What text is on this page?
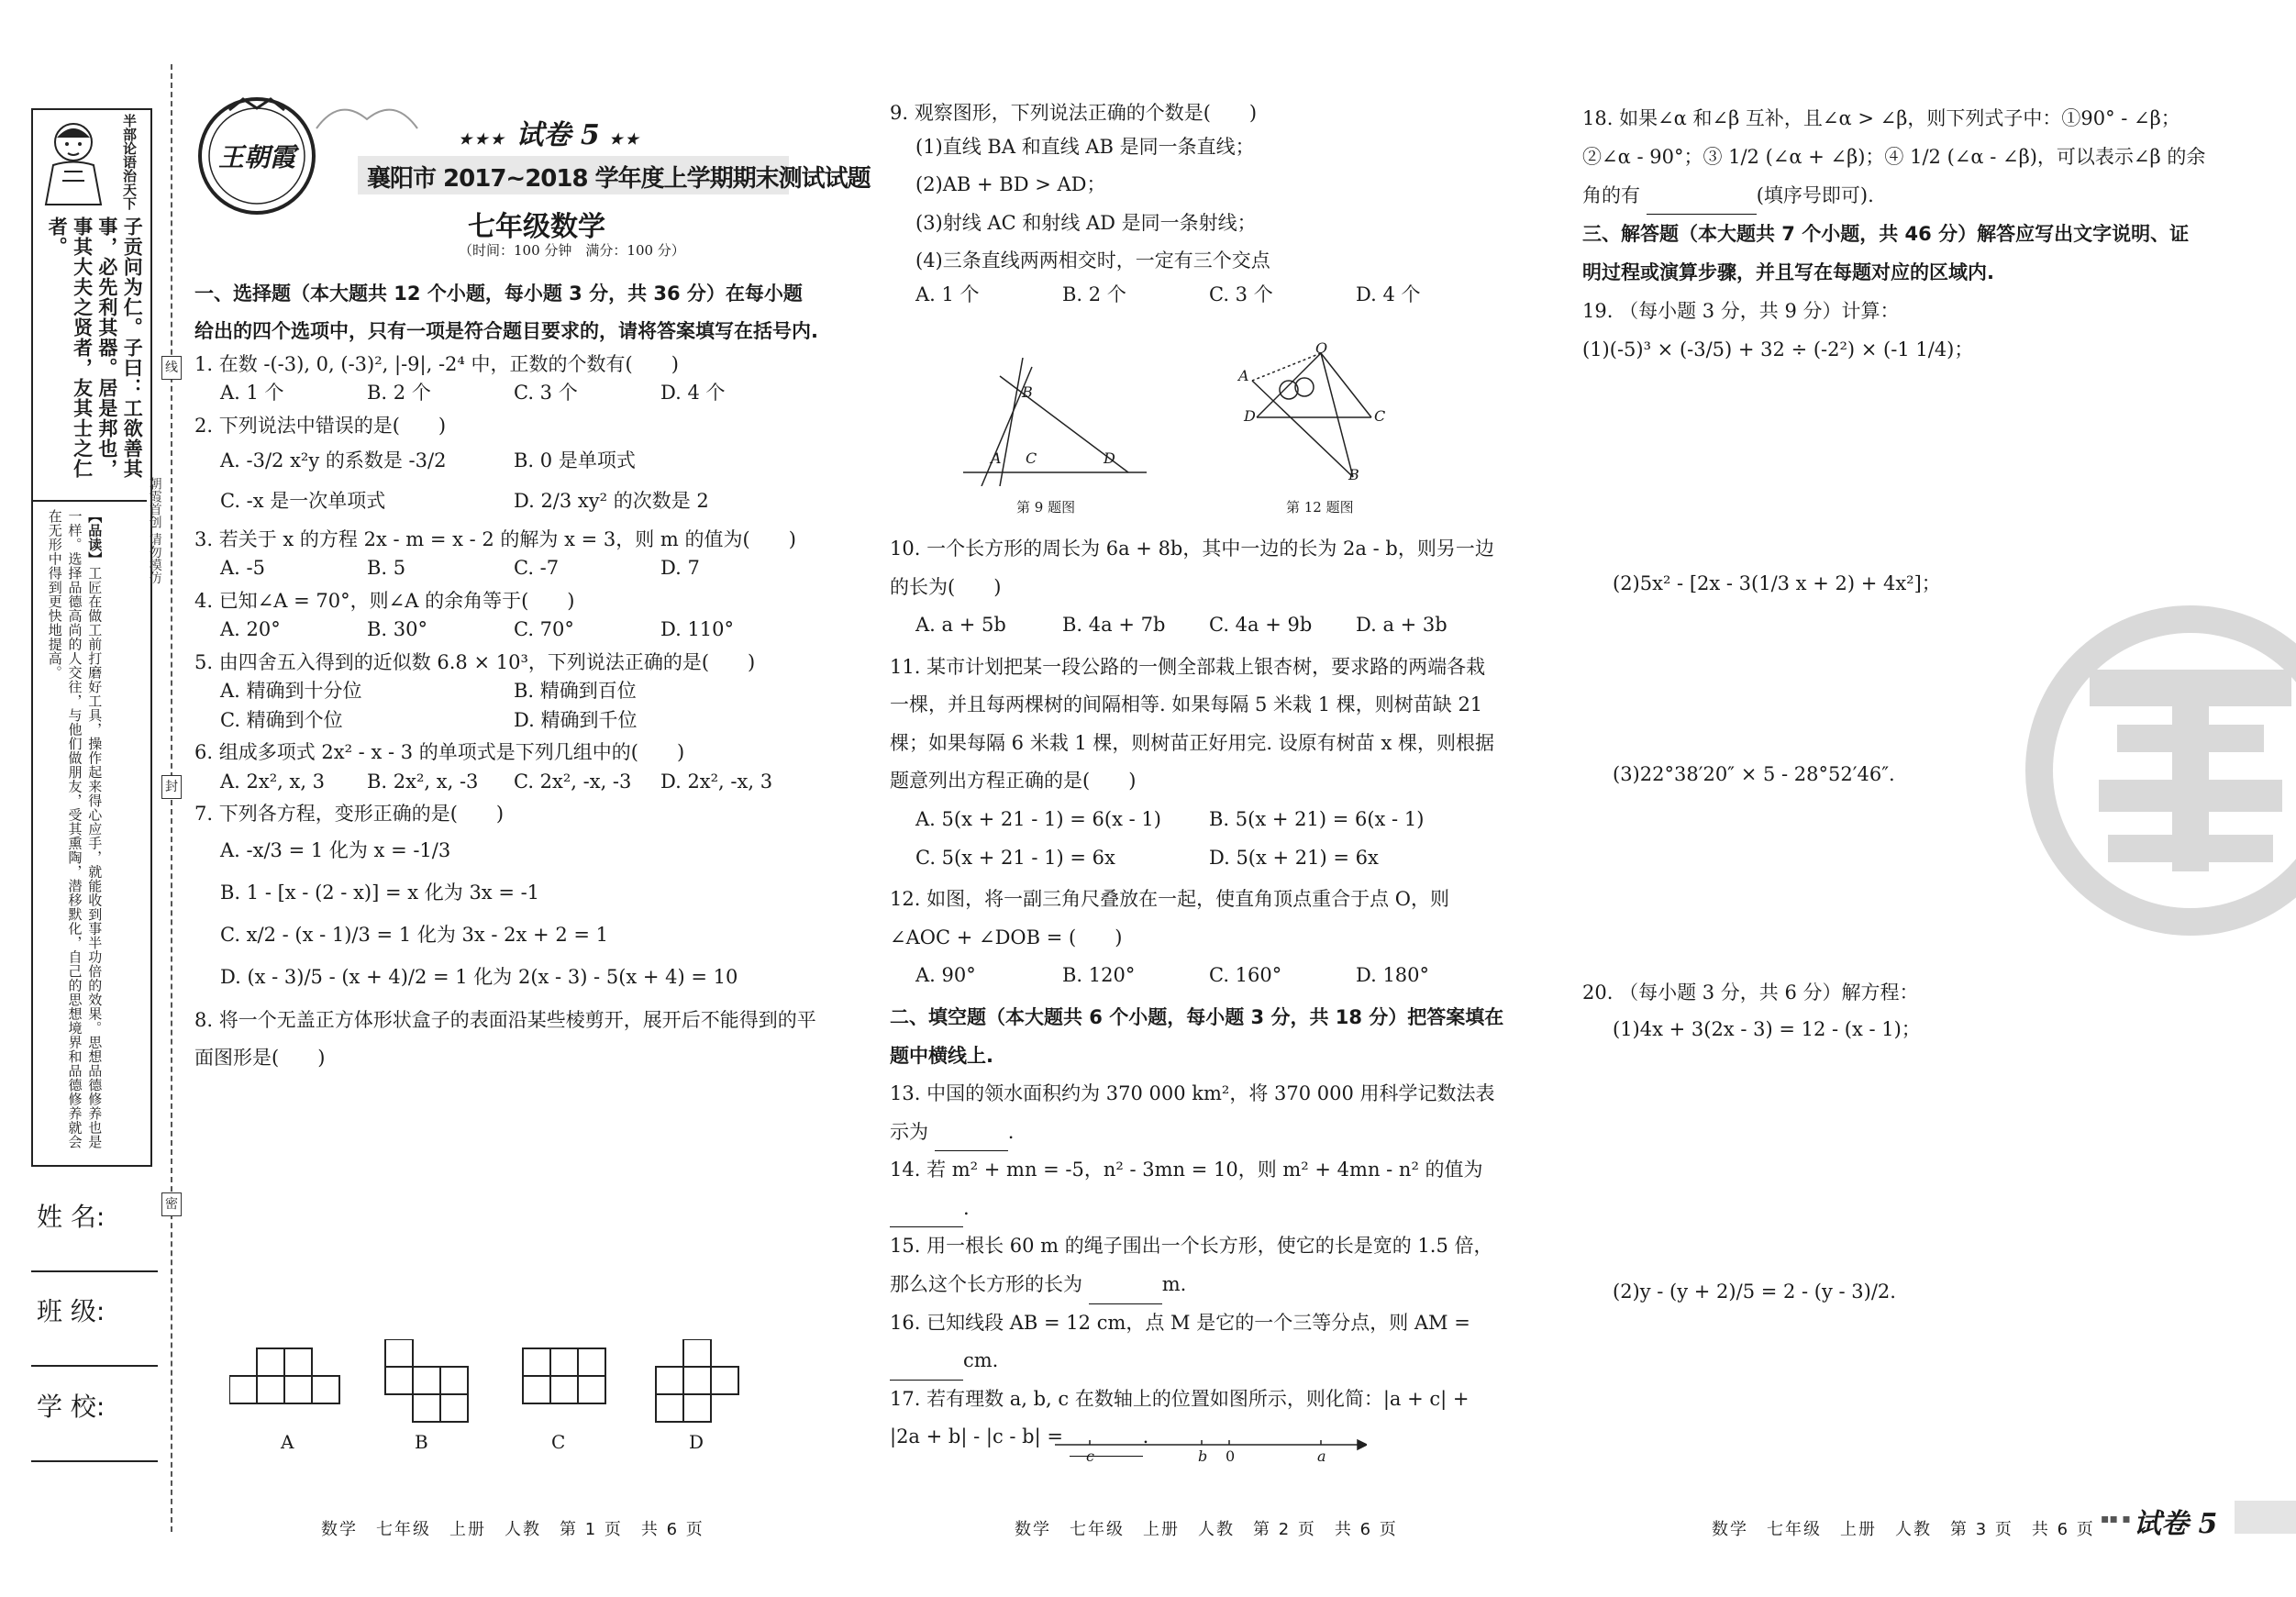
半部论语治天下
子贡问为仁。子曰：工欲善其事，必先利其器。居是邦也，事其大夫之贤者，友其士之仁者。
【品读】工匠在做工前打磨好工具，操作起来得心应手，就能收到事半功倍的效果。思想品德修养也是一样。选择品德高尚的人交往，与他们做朋友，受其熏陶，潜移默化，自己的思想境界和品德修养就会在无形中得到更快地提高。	朝霞首创 请勿模仿
线
封
密
姓 名:
班 级:
学 校:
王朝霞
★★★ 试卷 5 ★★
襄阳市 2017~2018 学年度上学期期末测试试题
七年级数学
（时间：100 分钟　满分：100 分）

一、选择题（本大题共 12 个小题，每小题 3 分，共 36 分）在每小题给出的四个选项中，只有一项是符合题目要求的，请将答案填写在括号内.

1. 在数 -(-3), 0, (-3)², |-9|, -2⁴ 中，正数的个数有(　　)

A. 1 个	B. 2 个	C. 3 个	D. 4 个

2. 下列说法中错误的是(　　)

A. -3/2 x²y 的系数是 -3/2	B. 0 是单项式
C. -x 是一次单项式	D. 2/3 xy² 的次数是 2

3. 若关于 x 的方程 2x - m = x - 2 的解为 x = 3，则 m 的值为(　　)

A. -5	B. 5	C. -7	D. 7

4. 已知∠A = 70°，则∠A 的余角等于(　　)

A. 20°	B. 30°	C. 70°	D. 110°

5. 由四舍五入得到的近似数 6.8 × 10³，下列说法正确的是(　　)

A. 精确到十分位	B. 精确到百位
C. 精确到个位	D. 精确到千位

6. 组成多项式 2x² - x - 3 的单项式是下列几组中的(　　)

A. 2x², x, 3	B. 2x², x, -3	C. 2x², -x, -3	D. 2x², -x, 3

7. 下列各方程，变形正确的是(　　)

A. -x/3 = 1 化为 x = -1/3

B. 1 - [x - (2 - x)] = x 化为 3x = -1

C. x/2 - (x - 1)/3 = 1 化为 3x - 2x + 2 = 1

D. (x - 3)/5 - (x + 4)/2 = 1 化为 2(x - 3) - 5(x + 4) = 10

8. 将一个无盖正方体形状盒子的表面沿某些棱剪开，展开后不能得到的平面图形是(　　)

A	B	C	D
数学　七年级　上册　人教　第 1 页　共 6 页

9. 观察图形，下列说法正确的个数是(　　)

(1)直线 BA 和直线 AB 是同一条直线；

(2)AB + BD > AD；

(3)射线 AC 和射线 AD 是同一条射线；

(4)三条直线两两相交时，一定有三个交点

A. 1 个	B. 2 个	C. 3 个	D. 4 个
B
A C	D
第 9 题图
O
A
D	C
B
第 12 题图

10. 一个长方形的周长为 6a + 8b，其中一边的长为 2a - b，则另一边的长为(　　)

A. a + 5b	B. 4a + 7b	C. 4a + 9b	D. a + 3b

11. 某市计划把某一段公路的一侧全部栽上银杏树，要求路的两端各栽一棵，并且每两棵树的间隔相等. 如果每隔 5 米栽 1 棵，则树苗缺 21 棵；如果每隔 6 米栽 1 棵，则树苗正好用完. 设原有树苗 x 棵，则根据题意列出方程正确的是(　　)

A. 5(x + 21 - 1) = 6(x - 1)	B. 5(x + 21) = 6(x - 1)
C. 5(x + 21 - 1) = 6x	D. 5(x + 21) = 6x

12. 如图，将一副三角尺叠放在一起，使直角顶点重合于点 O，则∠AOC + ∠DOB = (　　)

A. 90°	B. 120°	C. 160°	D. 180°

二、填空题（本大题共 6 个小题，每小题 3 分，共 18 分）把答案填在题中横线上.

13. 中国的领水面积约为 370 000 km²，将 370 000 用科学记数法表示为	.

14. 若 m² + mn = -5，n² - 3mn = 10，则 m² + 4mn - n² 的值为 .

15. 用一根长 60 m 的绳子围出一个长方形，使它的长是宽的 1.5 倍，那么这个长方形的长为	m.

16. 已知线段 AB = 12 cm，点 M 是它的一个三等分点，则 AM = cm.

17. 若有理数 a, b, c 在数轴上的位置如图所示，则化简：|a + c| + |2a + b| - |c - b| =	.

c	b 0	a
数学　七年级　上册　人教　第 2 页　共 6 页

18. 如果∠α 和∠β 互补，且∠α > ∠β，则下列式子中：①90° - ∠β；②∠α - 90°；③ 1/2 (∠α + ∠β)；④ 1/2 (∠α - ∠β)，可以表示∠β 的余角的有	(填序号即可).

三、解答题（本大题共 7 个小题，共 46 分）解答应写出文字说明、证明过程或演算步骤，并且写在每题对应的区域内.

19. （每小题 3 分，共 9 分）计算：

(1)(-5)³ × (-3/5) + 32 ÷ (-2²) × (-1 1/4)；

(2)5x² - [2x - 3(1/3 x + 2) + 4x²]；
(3)22°38′20″ × 5 - 28°52′46″.
20. （每小题 3 分，共 6 分）解方程：
(1)4x + 3(2x - 3) = 12 - (x - 1)；
(2)y - (y + 2)/5 = 2 - (y - 3)/2.
数学　七年级　上册　人教　第 3 页　共 6 页
▪▪ ▪ 试卷 5
